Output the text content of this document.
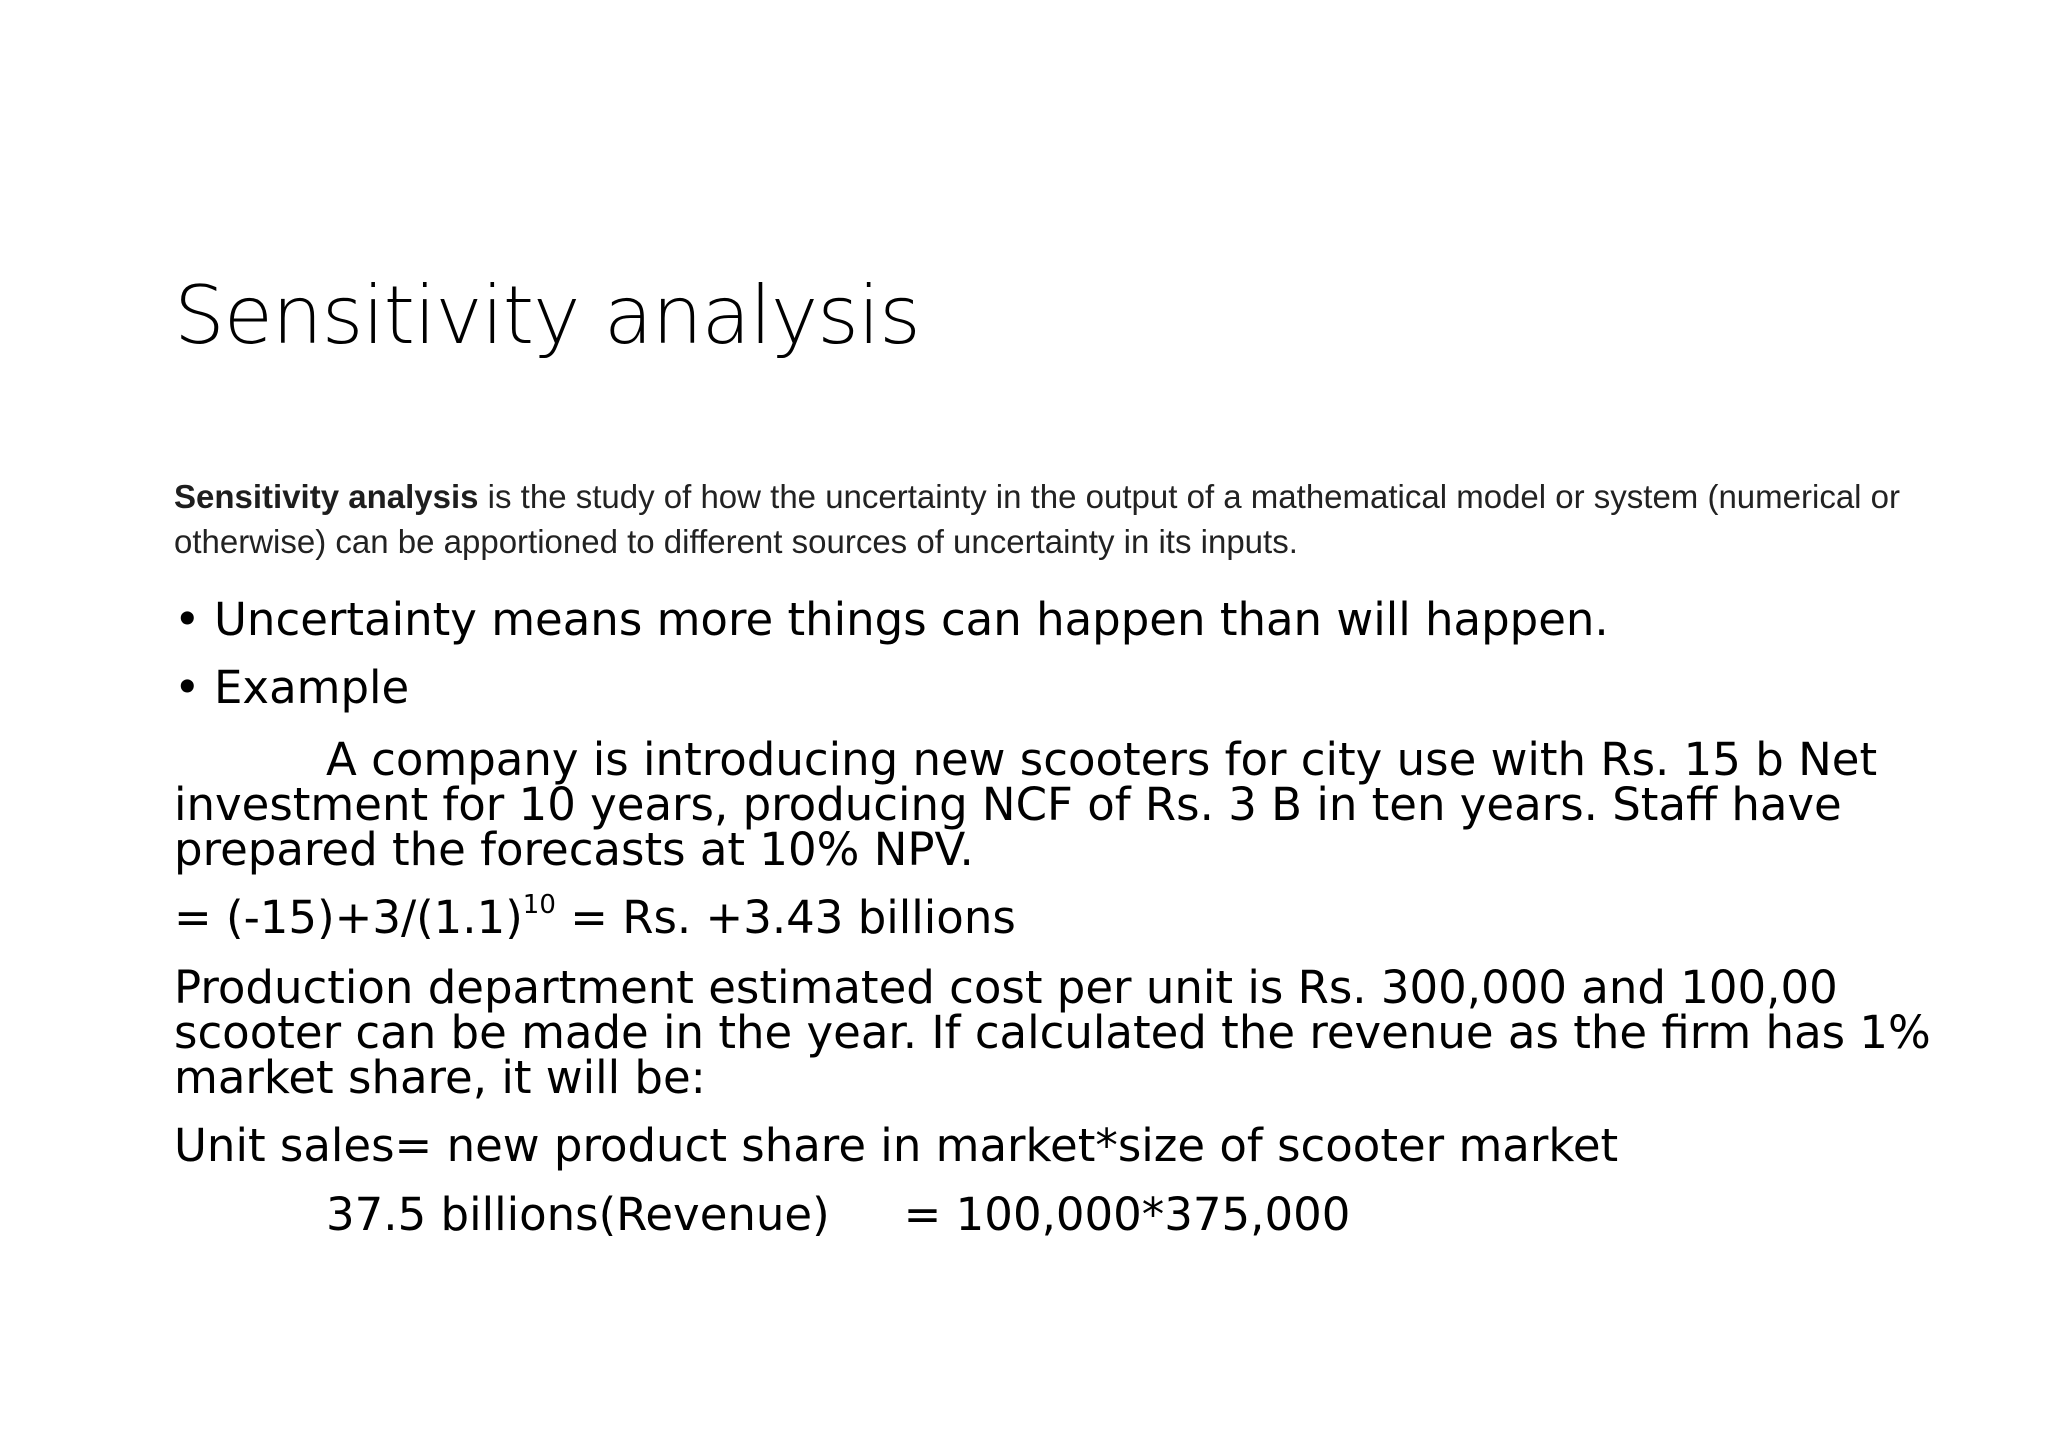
Sensitivity analysis
Sensitivity analysis is the study of how the uncertainty in the output of a mathematical model or system (numerical or otherwise) can be apportioned to different sources of uncertainty in its inputs.
• Uncertainty means more things can happen than will happen.
• Example
A company is introducing new scooters for city use with Rs. 15 b Net
investment for 10 years, producing NCF of Rs. 3 B in ten years. Staff have
prepared the forecasts at 10% NPV.
= $(-15)+3/(1.1)^{10} = Rs$. +3.43 billions
Production department estimated cost per unit is Rs. 300,000 and 100,00
scooter can be made in the year. If calculated the revenue as the firm has 1%
market share, it will be:
Unit sales= new product share in market*size of scooter market
37.5 billions(Revenue) = 100,000*375,000
